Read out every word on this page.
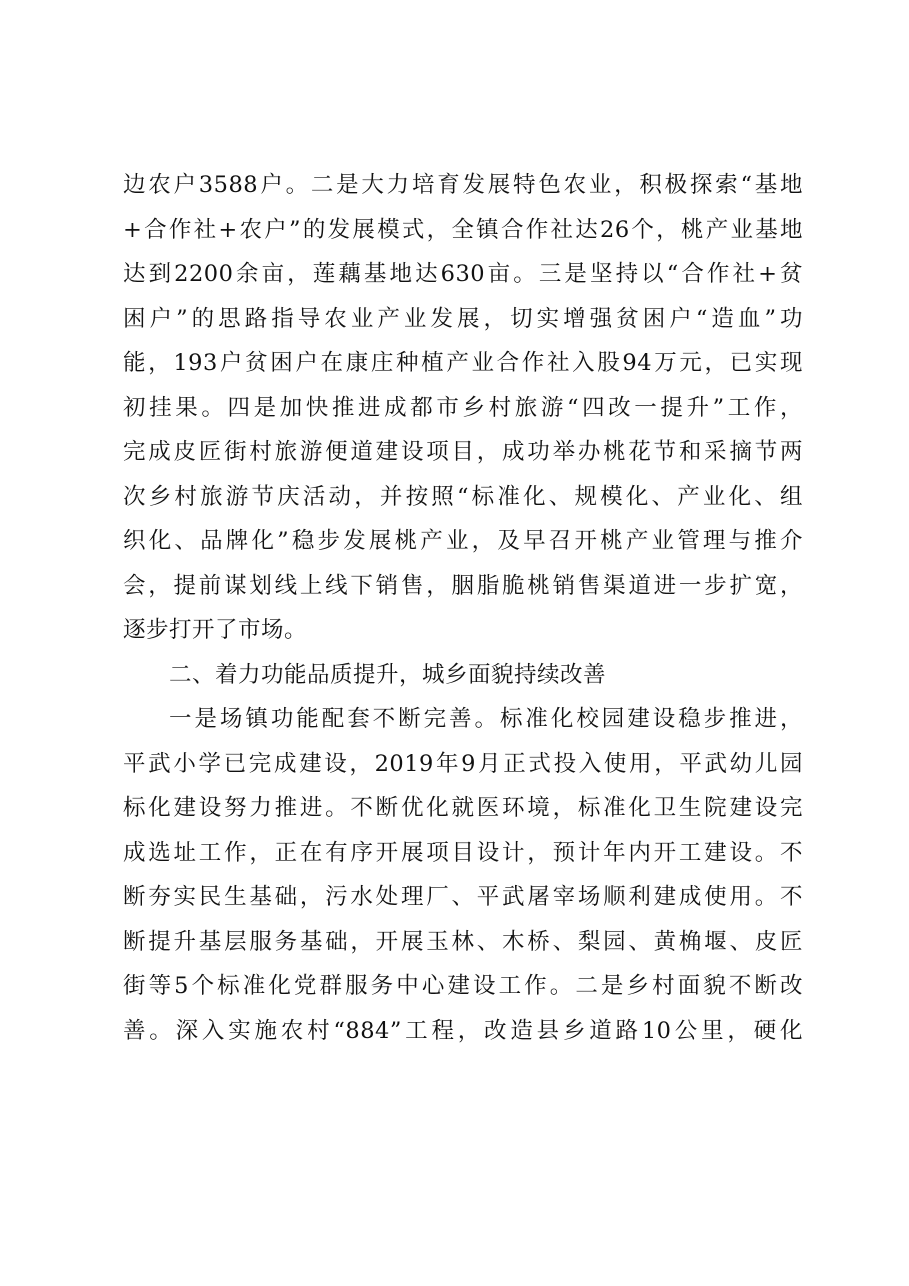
边农户3588户。二是大力培育发展特色农业，积极探索“基地
+合作社+农户”的发展模式，全镇合作社达26个，桃产业基地
达到2200余亩，莲藕基地达630亩。三是坚持以“合作社+贫
困户”的思路指导农业产业发展，切实增强贫困户“造血”功
能，193户贫困户在康庄种植产业合作社入股94万元，已实现
初挂果。四是加快推进成都市乡村旅游“四改一提升”工作，
完成皮匠街村旅游便道建设项目，成功举办桃花节和采摘节两
次乡村旅游节庆活动，并按照“标准化、规模化、产业化、组
织化、品牌化”稳步发展桃产业，及早召开桃产业管理与推介
会，提前谋划线上线下销售，胭脂脆桃销售渠道进一步扩宽，
逐步打开了市场。
二、着力功能品质提升，城乡面貌持续改善
一是场镇功能配套不断完善。标准化校园建设稳步推进，
平武小学已完成建设，2019年9月正式投入使用，平武幼儿园
标化建设努力推进。不断优化就医环境，标准化卫生院建设完
成选址工作，正在有序开展项目设计，预计年内开工建设。不
断夯实民生基础，污水处理厂、平武屠宰场顺利建成使用。不
断提升基层服务基础，开展玉林、木桥、梨园、黄桷堰、皮匠
街等5个标准化党群服务中心建设工作。二是乡村面貌不断改
善。深入实施农村“884”工程，改造县乡道路10公里，硬化
